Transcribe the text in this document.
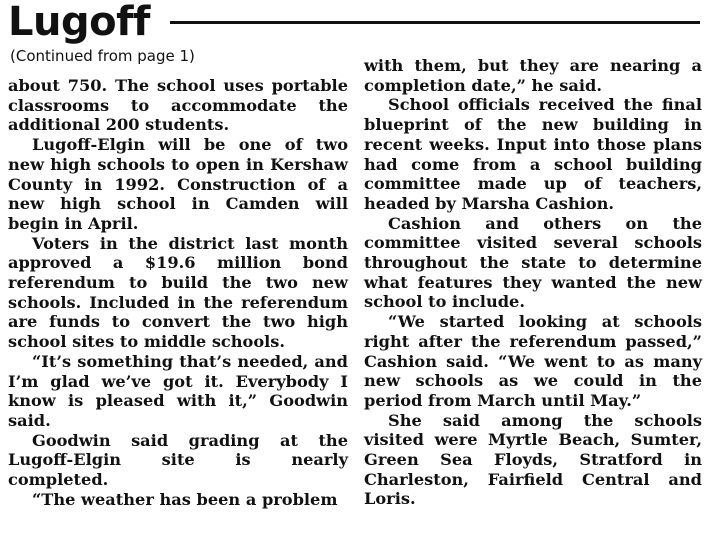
Lugoff
(Continued from page 1)

about 750. The school uses portable classrooms to accommodate the additional 200 students.

Lugoff-Elgin will be one of two new high schools to open in Kershaw County in 1992. Construction of a new high school in Camden will begin in April.

Voters in the district last month approved a $19.6 million bond referendum to build the two new schools. Included in the referendum are funds to convert the two high school sites to middle schools.

“It’s something that’s needed, and I’m glad we’ve got it. Everybody I know is pleased with it,” Goodwin said.

Goodwin said grading at the Lugoff-Elgin site is nearly completed.

“The weather has been a problem

with them, but they are nearing a completion date,” he said.

School officials received the final blueprint of the new building in recent weeks. Input into those plans had come from a school building committee made up of teachers, headed by Marsha Cashion.

Cashion and others on the committee visited several schools throughout the state to determine what features they wanted the new school to include.

“We started looking at schools right after the referendum passed,” Cashion said. “We went to as many new schools as we could in the period from March until May.”

She said among the schools visited were Myrtle Beach, Sumter, Green Sea Floyds, Stratford in Charleston, Fairfield Central and Loris.
